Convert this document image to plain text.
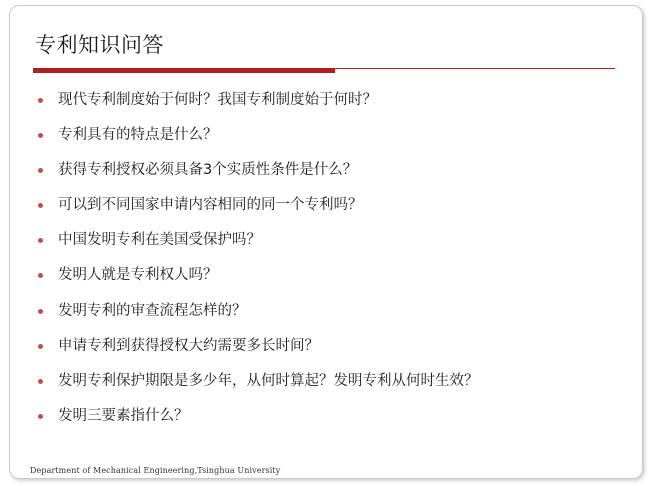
专利知识问答
现代专利制度始于何时？我国专利制度始于何时？
专利具有的特点是什么？
获得专利授权必须具备3个实质性条件是什么？
可以到不同国家申请内容相同的同一个专利吗？
中国发明专利在美国受保护吗？
发明人就是专利权人吗？
发明专利的审查流程怎样的？
申请专利到获得授权大约需要多长时间？
发明专利保护期限是多少年，从何时算起？发明专利从何时生效？
发明三要素指什么？
Department of Mechanical Engineering,Tsinghua University
